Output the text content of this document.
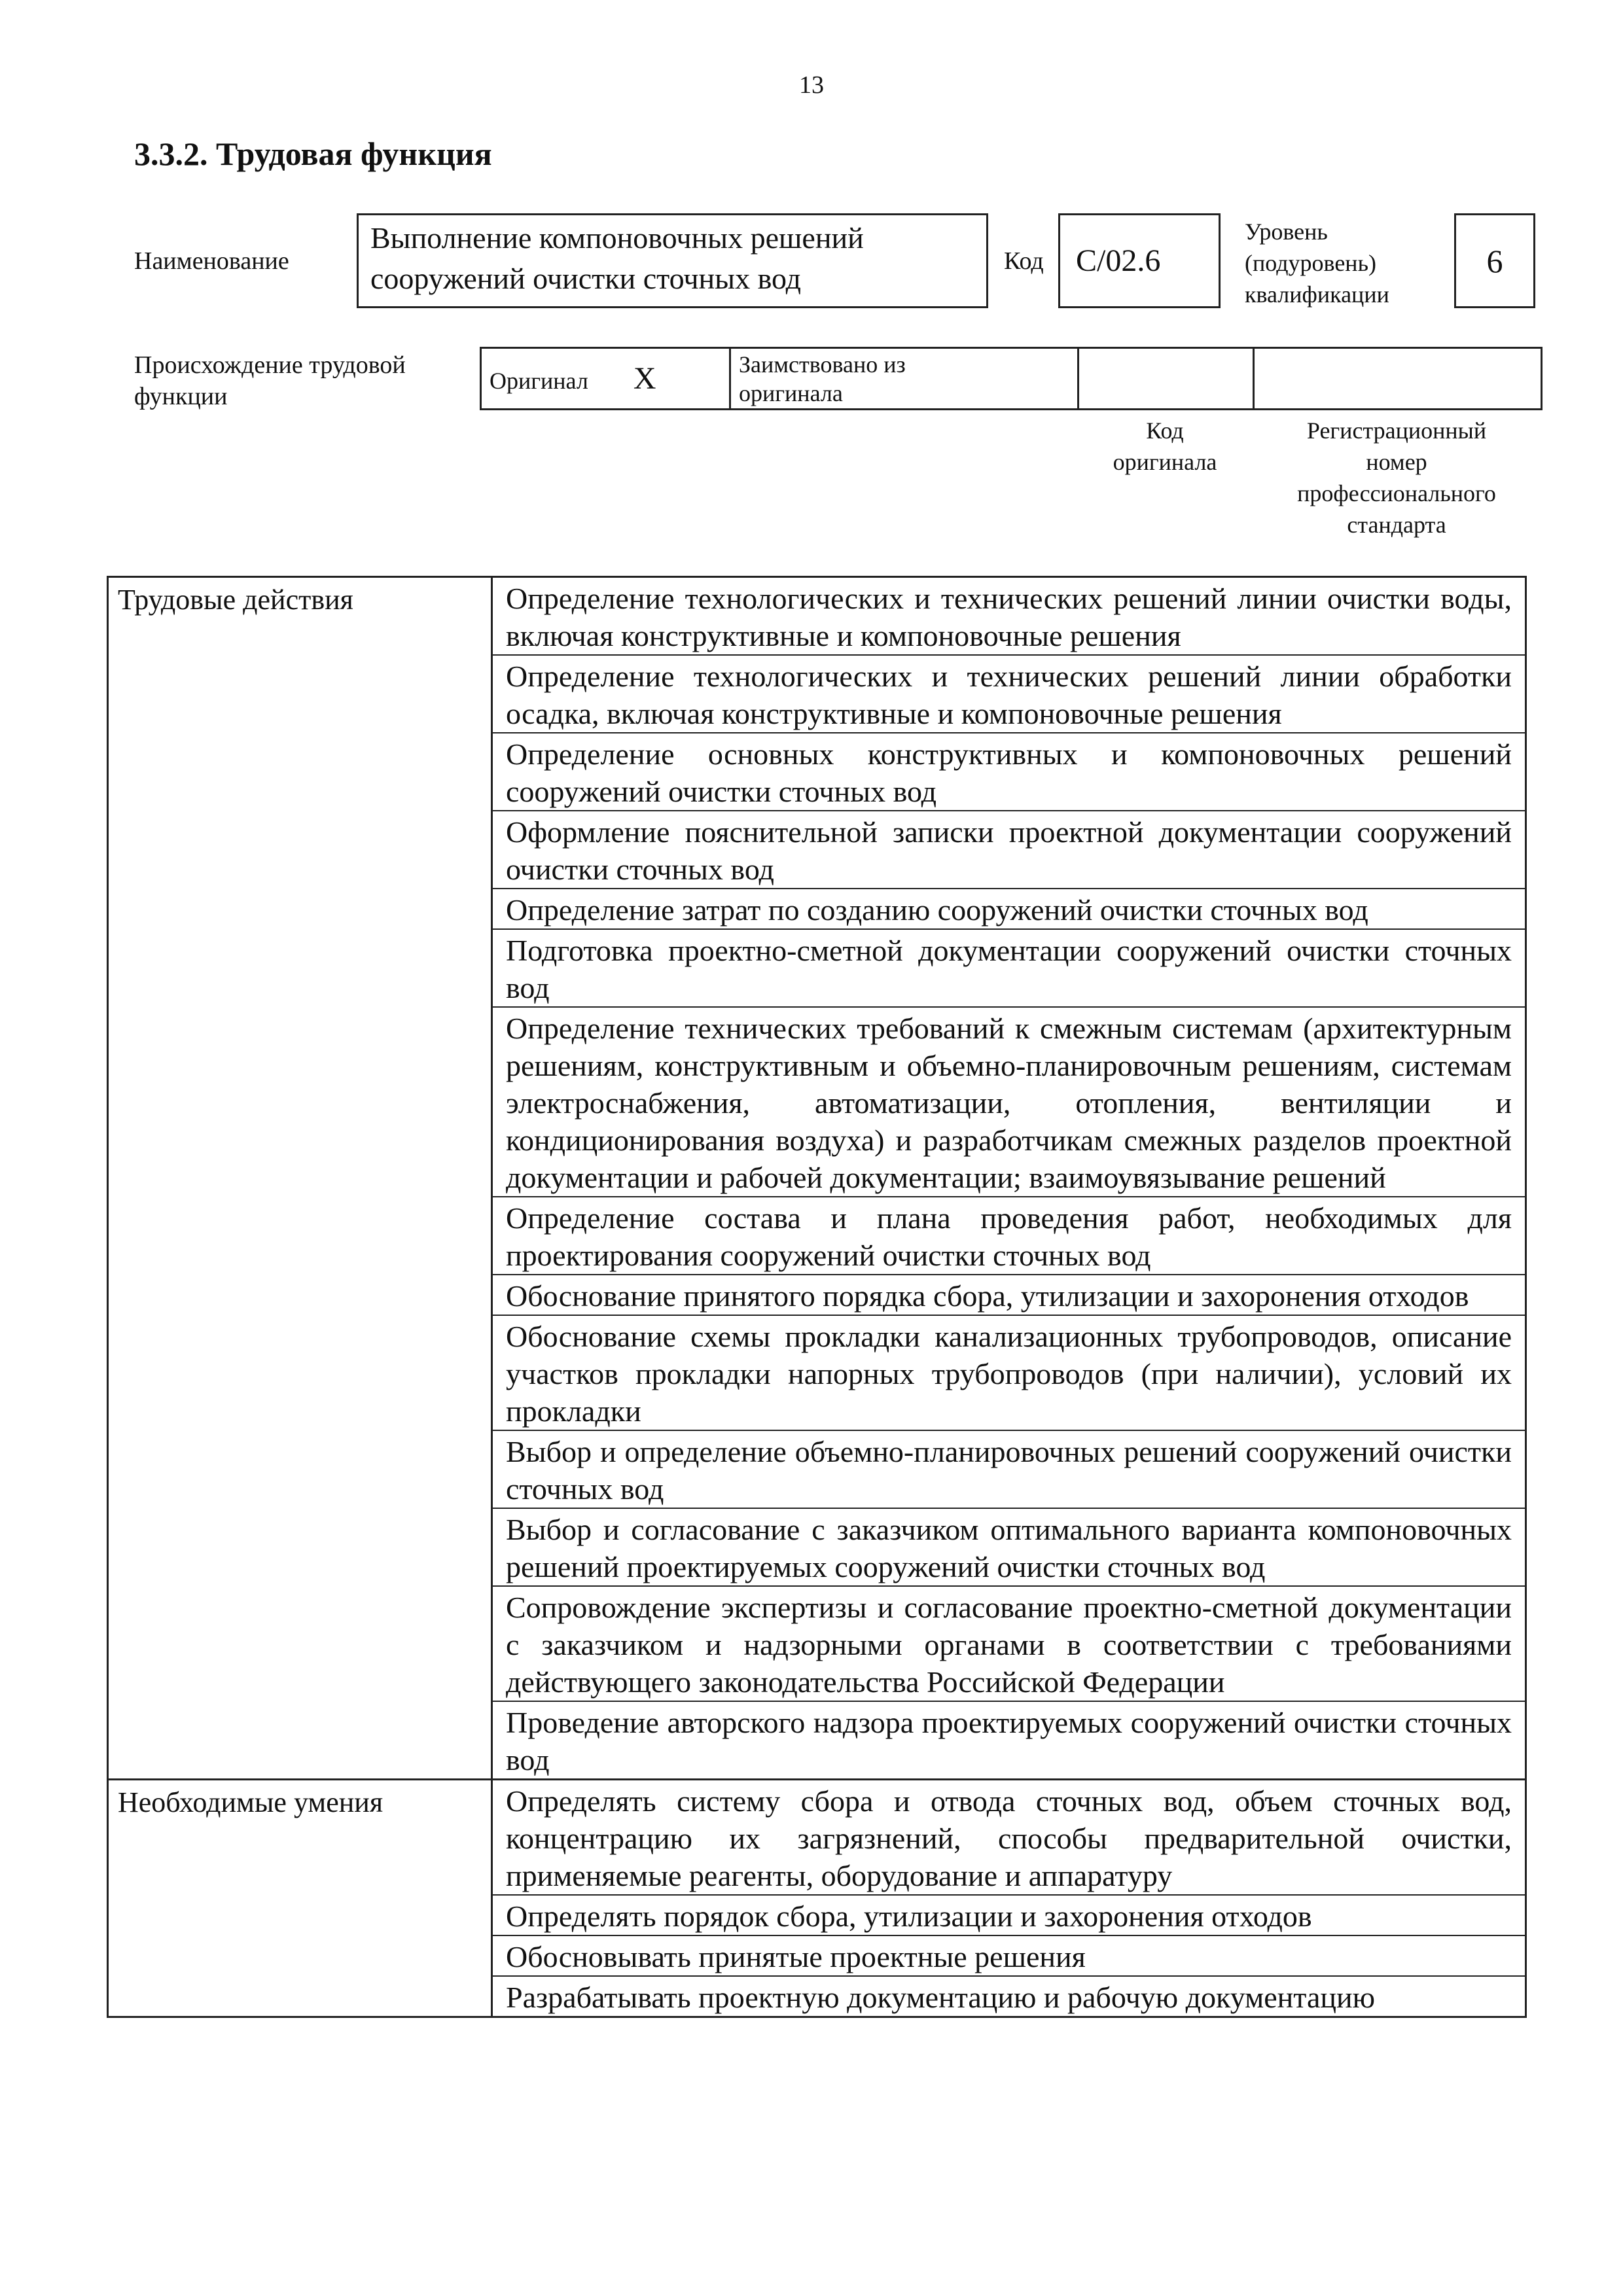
13
3.3.2. Трудовая функция
Наименование
Выполнение компоновочных решений
сооружений очистки сточных вод
Код	С/02.6
Уровень
(подуровень)
квалификации
6
Происхождение трудовой
функции
Оригинал X	Заимствовано из
оригинала

Код
оригинала
Регистрационный
номер
профессионального
стандарта
Трудовые действия		Определение технологических и технических решений линии очистки воды, включая конструктивные и компоновочные решения
Определение технологических и технических решений линии обработки осадка, включая конструктивные и компоновочные решения
Определение основных конструктивных и компоновочных решений сооружений очистки сточных вод
Оформление пояснительной записки проектной документации сооружений очистки сточных вод
Определение затрат по созданию сооружений очистки сточных вод
Подготовка проектно-сметной документации сооружений очистки сточных вод
Определение технических требований к смежным системам (архитектурным решениям, конструктивным и объемно-планировочным решениям, системам электроснабжения, автоматизации, отопления, вентиляции и кондиционирования воздуха) и разработчикам смежных разделов проектной документации и рабочей документации; взаимоувязывание решений
Определение состава и плана проведения работ, необходимых для проектирования сооружений очистки сточных вод
Обоснование принятого порядка сбора, утилизации и захоронения отходов
Обоснование схемы прокладки канализационных трубопроводов, описание участков прокладки напорных трубопроводов (при наличии), условий их прокладки
Выбор и определение объемно-планировочных решений сооружений очистки сточных вод
Выбор и согласование с заказчиком оптимального варианта компоновочных решений проектируемых сооружений очистки сточных вод
Сопровождение экспертизы и согласование проектно-сметной документации с заказчиком и надзорными органами в соответствии с требованиями действующего законодательства Российской Федерации
Проведение авторского надзора проектируемых сооружений очистки сточных вод

Необходимые умения		Определять систему сбора и отвода сточных вод, объем сточных вод, концентрацию их загрязнений, способы предварительной очистки, применяемые реагенты, оборудование и аппаратуру
Определять порядок сбора, утилизации и захоронения отходов
Обосновывать принятые проектные решения
Разрабатывать проектную документацию и рабочую документацию
